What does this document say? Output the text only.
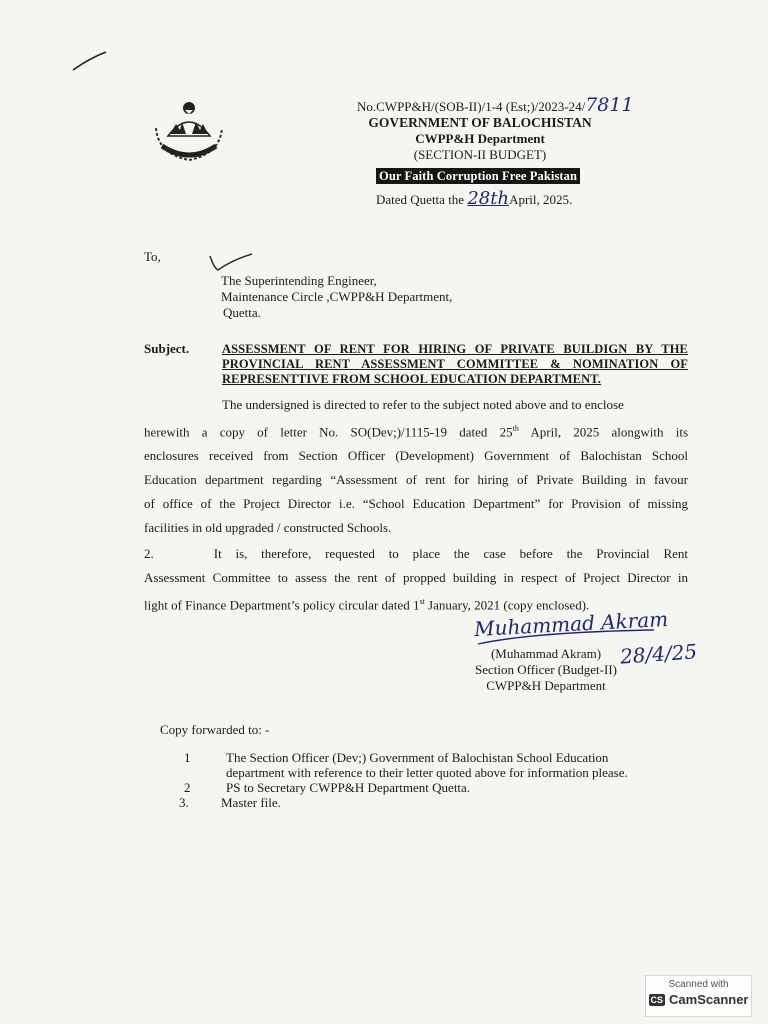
No.CWPP&H/(SOB-II)/1-4 (Est;)/2023-24/7811
GOVERNMENT OF BALOCHISTAN
CWPP&H Department
(SECTION-II BUDGET)
Our Faith Corruption Free Pakistan
Dated Quetta the 28thApril, 2025.
To,
The Superintending Engineer,
Maintenance Circle ,CWPP&H Department,
Quetta.
Subject.	ASSESSMENT OF RENT FOR HIRING OF PRIVATE BUILDIGN BY THE
PROVINCIAL RENT ASSESSMENT COMMITTEE & NOMINATION OF
REPRESENTTIVE FROM SCHOOL EDUCATION DEPARTMENT.
The undersigned is directed to refer to the subject noted above and to enclose
herewith a copy of letter No. SO(Dev;)/1115-19 dated 25th April, 2025 alongwith its
enclosures received from Section Officer (Development) Government of Balochistan School
Education department regarding “Assessment of rent for hiring of Private Building in favour
of office of the Project Director i.e. “School Education Department” for Provision of missing
facilities in old upgraded / constructed Schools.
2.	It is, therefore, requested to place the case before the Provincial Rent
Assessment Committee to assess the rent of propped building in respect of Project Director in
light of Finance Department’s policy circular dated 1st January, 2021 (copy enclosed).
Muhammad Akram
28/4/25
(Muhammad Akram)
Section Officer (Budget-II)
CWPP&H Department
Copy forwarded to: -
1	The Section Officer (Dev;) Government of Balochistan School Education
department with reference to their letter quoted above for information please.
2	PS to Secretary CWPP&H Department Quetta.
3.	Master file.
Scanned with
CS CamScanner
